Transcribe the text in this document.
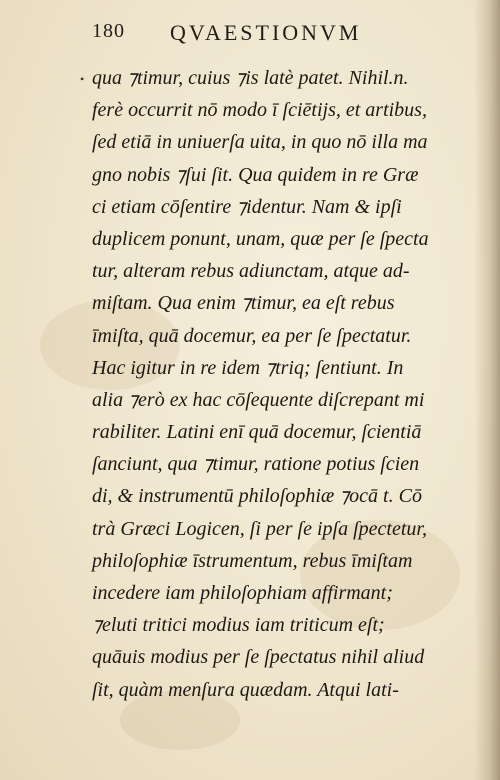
180 QVAESTIONVM
• qua ⁊timur, cuius ⁊is latè patet. Nihil.n.
ferè occurrit nō modo ī ſciētijs, et artibus,
ſed etiā in uniuerſa uita, in quo nō illa ma
gno nobis ⁊ſui ſit. Qua quidem in re Græ
ci etiam cōſentire ⁊identur. Nam & ipſi
duplicem ponunt, unam, quæ per ſe ſpecta
tur, alteram rebus adiunctam, atque ad-
miſtam. Qua enim ⁊timur, ea eſt rebus
īmiſta, quā docemur, ea per ſe ſpectatur.
Hac igitur in re idem ⁊triq; ſentiunt. In
alia ⁊erò ex hac cōſequente diſcrepant mi
rabiliter. Latini enī quā docemur, ſcientiā
ſanciunt, qua ⁊timur, ratione potius ſcien
di, & instrumentū philoſophiæ ⁊ocā t. Cō
trà Græci Logicen, ſi per ſe ipſa ſpectetur,
philoſophiæ īstrumentum, rebus īmiſtam
incedere iam philoſophiam affirmant;
⁊eluti tritici modius iam triticum eſt;
quāuis modius per ſe ſpectatus nihil aliud
ſit, quàm menſura quædam. Atqui lati-
